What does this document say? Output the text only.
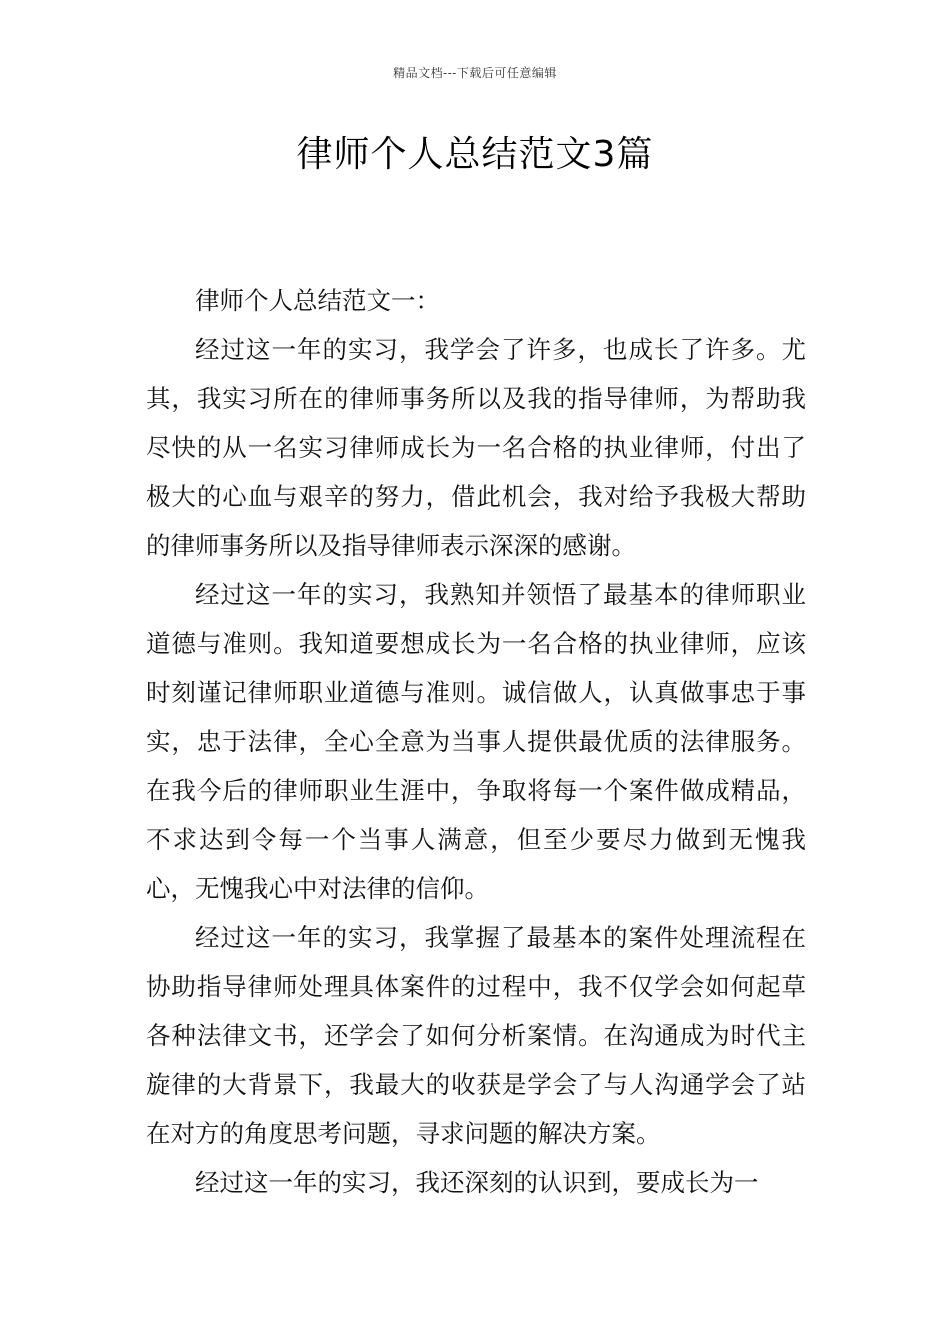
精品文档---下载后可任意编辑
律师个人总结范文3篇

律师个人总结范文一：

经过这一年的实习，我学会了许多，也成长了许多。尤其，我实习所在的律师事务所以及我的指导律师，为帮助我尽快的从一名实习律师成长为一名合格的执业律师，付出了极大的心血与艰辛的努力，借此机会，我对给予我极大帮助的律师事务所以及指导律师表示深深的感谢。

经过这一年的实习，我熟知并领悟了最基本的律师职业道德与准则。我知道要想成长为一名合格的执业律师，应该时刻谨记律师职业道德与准则。诚信做人，认真做事忠于事实，忠于法律，全心全意为当事人提供最优质的法律服务。在我今后的律师职业生涯中，争取将每一个案件做成精品，不求达到令每一个当事人满意，但至少要尽力做到无愧我心，无愧我心中对法律的信仰。

经过这一年的实习，我掌握了最基本的案件处理流程在协助指导律师处理具体案件的过程中，我不仅学会如何起草各种法律文书，还学会了如何分析案情。在沟通成为时代主旋律的大背景下，我最大的收获是学会了与人沟通学会了站在对方的角度思考问题，寻求问题的解决方案。

经过这一年的实习，我还深刻的认识到，要成长为一
